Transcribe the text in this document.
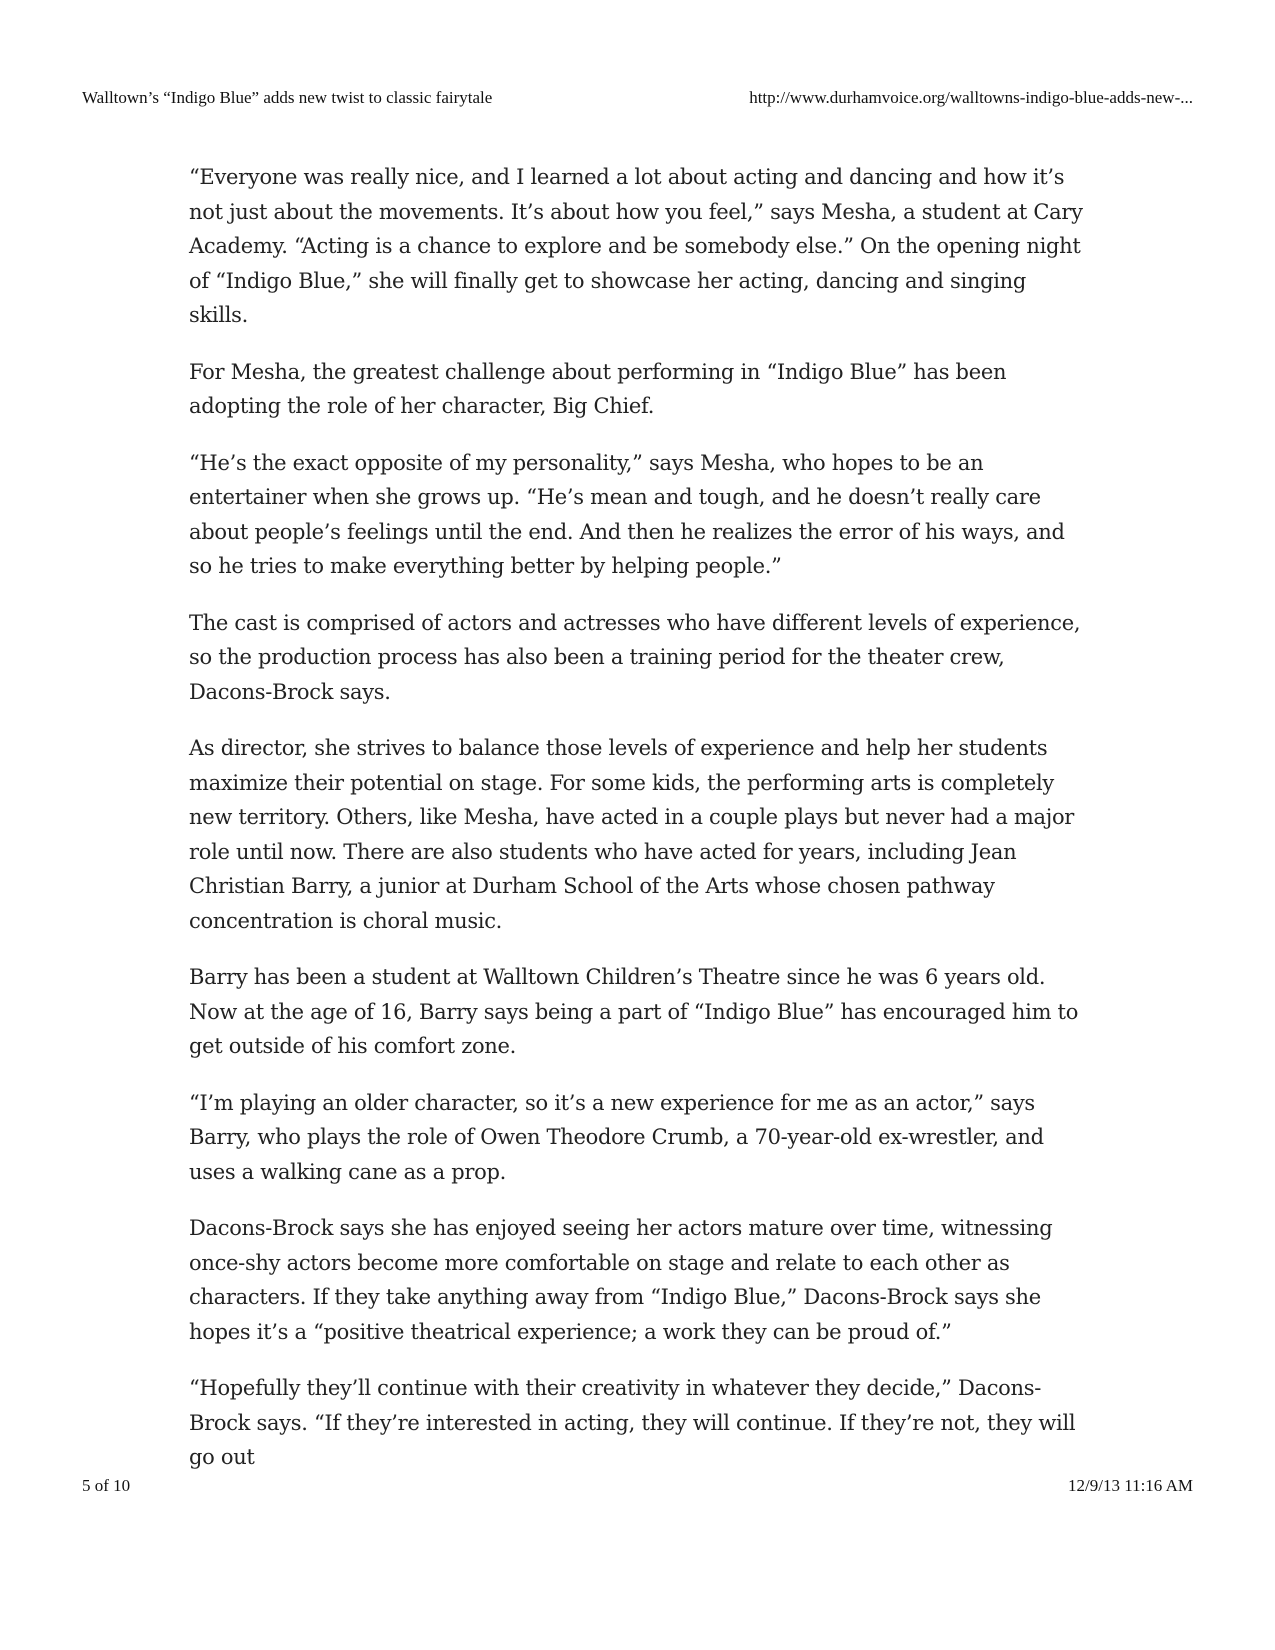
Walltown’s “Indigo Blue” adds new twist to classic fairytale	http://www.durhamvoice.org/walltowns-indigo-blue-adds-new-...

“Everyone was really nice, and I learned a lot about acting and dancing and how it’s not just about the movements. It’s about how you feel,” says Mesha, a student at Cary Academy. “Acting is a chance to explore and be somebody else.” On the opening night of “Indigo Blue,” she will finally get to showcase her acting, dancing and singing skills.

For Mesha, the greatest challenge about performing in “Indigo Blue” has been adopting the role of her character, Big Chief.

“He’s the exact opposite of my personality,” says Mesha, who hopes to be an entertainer when she grows up. “He’s mean and tough, and he doesn’t really care about people’s feelings until the end. And then he realizes the error of his ways, and so he tries to make everything better by helping people.”

The cast is comprised of actors and actresses who have different levels of experience, so the production process has also been a training period for the theater crew, Dacons-Brock says.

As director, she strives to balance those levels of experience and help her students maximize their potential on stage. For some kids, the performing arts is completely new territory. Others, like Mesha, have acted in a couple plays but never had a major role until now. There are also students who have acted for years, including Jean Christian Barry, a junior at Durham School of the Arts whose chosen pathway concentration is choral music.

Barry has been a student at Walltown Children’s Theatre since he was 6 years old. Now at the age of 16, Barry says being a part of “Indigo Blue” has encouraged him to get outside of his comfort zone.

“I’m playing an older character, so it’s a new experience for me as an actor,” says Barry, who plays the role of Owen Theodore Crumb, a 70-year-old ex-wrestler, and uses a walking cane as a prop.

Dacons-Brock says she has enjoyed seeing her actors mature over time, witnessing once-shy actors become more comfortable on stage and relate to each other as characters. If they take anything away from “Indigo Blue,” Dacons-Brock says she hopes it’s a “positive theatrical experience; a work they can be proud of.”

“Hopefully they’ll continue with their creativity in whatever they decide,” Dacons-Brock says. “If they’re interested in acting, they will continue. If they’re not, they will go out

5 of 10	12/9/13 11:16 AM
